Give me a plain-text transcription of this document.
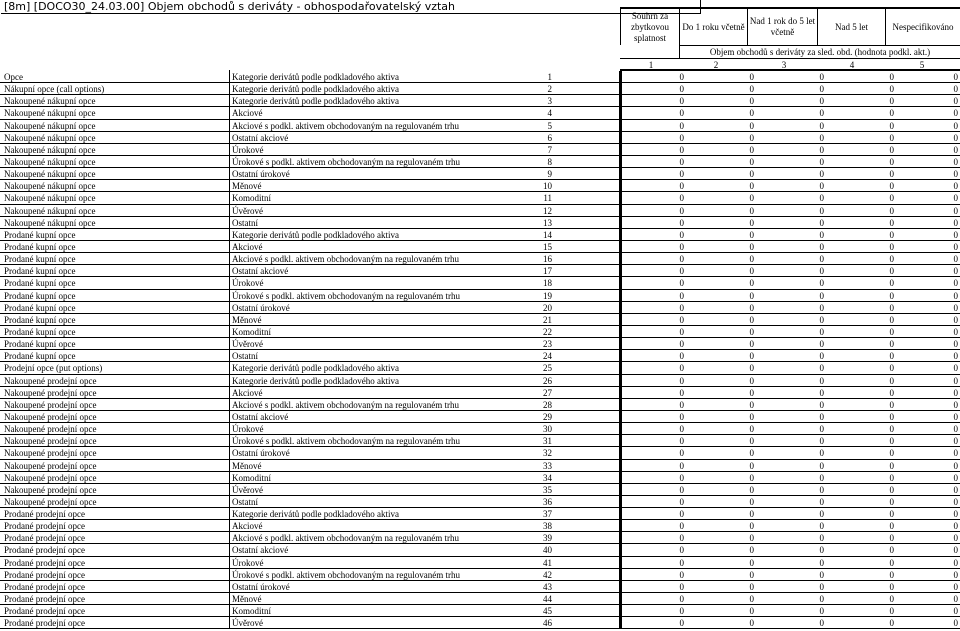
[8m] [DOCO30_24.03.00] Objem obchodů s deriváty - obhospodařovatelský vztah
Souhrn za zbytkovou splatnost
Do 1 roku včetně
Nad 1 rok do 5 let včetně
Nad 5 let	Nespecifikováno
Objem obchodů s deriváty za sled. obd. (hodnota podkl. akt.)
1	2	3	4	5
Opce	Kategorie derivátů podle podkladového aktiva	1	0	0	0	0	0
Nákupní opce (call options)	Kategorie derivátů podle podkladového aktiva	2	0	0	0	0	0
Nakoupené nákupní opce	Kategorie derivátů podle podkladového aktiva	3	0	0	0	0	0
Nakoupené nákupní opce	Akciové	4	0	0	0	0	0
Nakoupené nákupní opce	Akciové s podkl. aktivem obchodovaným na regulovaném trhu	5	0	0	0	0	0
Nakoupené nákupní opce	Ostatní akciové	6	0	0	0	0	0
Nakoupené nákupní opce	Úrokové	7	0	0	0	0	0
Nakoupené nákupní opce	Úrokové s podkl. aktivem obchodovaným na regulovaném trhu	8	0	0	0	0	0
Nakoupené nákupní opce	Ostatní úrokové	9	0	0	0	0	0
Nakoupené nákupní opce	Měnové	10	0	0	0	0	0
Nakoupené nákupní opce	Komoditní	11	0	0	0	0	0
Nakoupené nákupní opce	Úvěrové	12	0	0	0	0	0
Nakoupené nákupní opce	Ostatní	13	0	0	0	0	0
Prodané kupní opce	Kategorie derivátů podle podkladového aktiva	14	0	0	0	0	0
Prodané kupní opce	Akciové	15	0	0	0	0	0
Prodané kupní opce	Akciové s podkl. aktivem obchodovaným na regulovaném trhu	16	0	0	0	0	0
Prodané kupní opce	Ostatní akciové	17	0	0	0	0	0
Prodané kupní opce	Úrokové	18	0	0	0	0	0
Prodané kupní opce	Úrokové s podkl. aktivem obchodovaným na regulovaném trhu	19	0	0	0	0	0
Prodané kupní opce	Ostatní úrokové	20	0	0	0	0	0
Prodané kupní opce	Měnové	21	0	0	0	0	0
Prodané kupní opce	Komoditní	22	0	0	0	0	0
Prodané kupní opce	Úvěrové	23	0	0	0	0	0
Prodané kupní opce	Ostatní	24	0	0	0	0	0
Prodejní opce (put options)	Kategorie derivátů podle podkladového aktiva	25	0	0	0	0	0
Nakoupené prodejní opce	Kategorie derivátů podle podkladového aktiva	26	0	0	0	0	0
Nakoupené prodejní opce	Akciové	27	0	0	0	0	0
Nakoupené prodejní opce	Akciové s podkl. aktivem obchodovaným na regulovaném trhu	28	0	0	0	0	0
Nakoupené prodejní opce	Ostatní akciové	29	0	0	0	0	0
Nakoupené prodejní opce	Úrokové	30	0	0	0	0	0
Nakoupené prodejní opce	Úrokové s podkl. aktivem obchodovaným na regulovaném trhu	31	0	0	0	0	0
Nakoupené prodejní opce	Ostatní úrokové	32	0	0	0	0	0
Nakoupené prodejní opce	Měnové	33	0	0	0	0	0
Nakoupené prodejní opce	Komoditní	34	0	0	0	0	0
Nakoupené prodejní opce	Úvěrové	35	0	0	0	0	0
Nakoupené prodejní opce	Ostatní	36	0	0	0	0	0
Prodané prodejní opce	Kategorie derivátů podle podkladového aktiva	37	0	0	0	0	0
Prodané prodejní opce	Akciové	38	0	0	0	0	0
Prodané prodejní opce	Akciové s podkl. aktivem obchodovaným na regulovaném trhu	39	0	0	0	0	0
Prodané prodejní opce	Ostatní akciové	40	0	0	0	0	0
Prodané prodejní opce	Úrokové	41	0	0	0	0	0
Prodané prodejní opce	Úrokové s podkl. aktivem obchodovaným na regulovaném trhu	42	0	0	0	0	0
Prodané prodejní opce	Ostatní úrokové	43	0	0	0	0	0
Prodané prodejní opce	Měnové	44	0	0	0	0	0
Prodané prodejní opce	Komoditní	45	0	0	0	0	0
Prodané prodejní opce	Úvěrové	46	0	0	0	0	0
